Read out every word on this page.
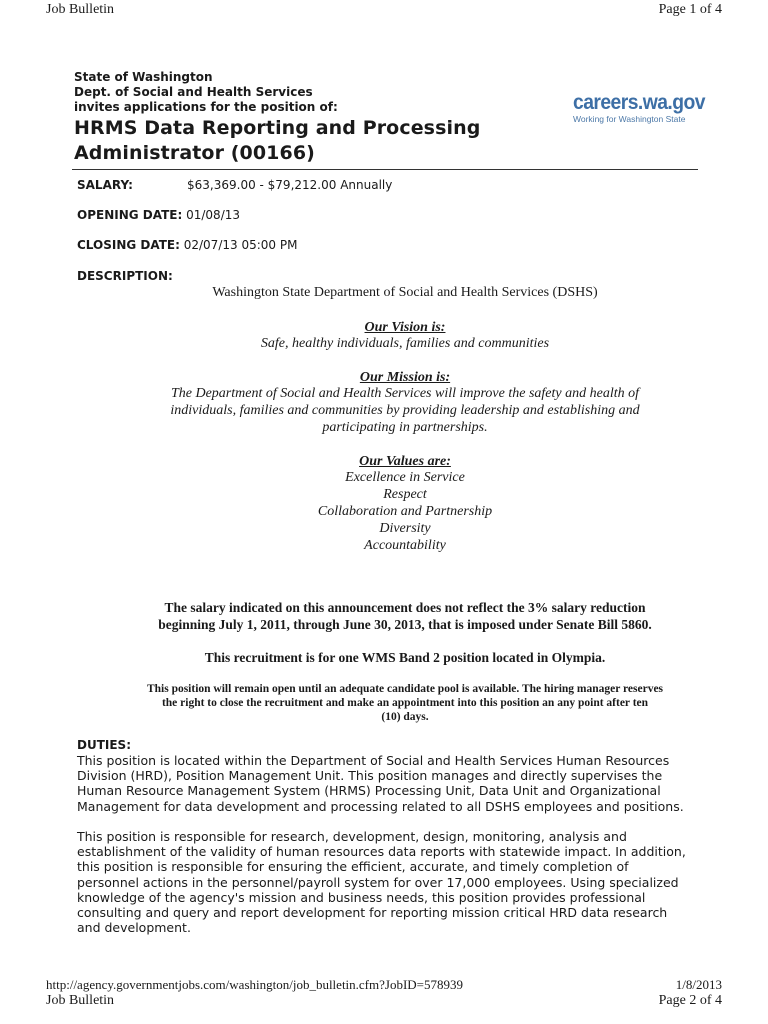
Job Bulletin	Page 1 of 4
State of Washington
Dept. of Social and Health Services
invites applications for the position of:
HRMS Data Reporting and Processing
Administrator (00166)
careers.wa.gov
Working for Washington State
SALARY:	$63,369.00 - $79,212.00 Annually
OPENING DATE: 01/08/13
CLOSING DATE: 02/07/13 05:00 PM
DESCRIPTION:
Washington State Department of Social and Health Services (DSHS)
Our Vision is:
Safe, healthy individuals, families and communities
Our Mission is:
The Department of Social and Health Services will improve the safety and health of
individuals, families and communities by providing leadership and establishing and
participating in partnerships.
Our Values are:
Excellence in Service
Respect
Collaboration and Partnership
Diversity
Accountability
The salary indicated on this announcement does not reflect the 3% salary reduction
beginning July 1, 2011, through June 30, 2013, that is imposed under Senate Bill 5860.
This recruitment is for one WMS Band 2 position located in Olympia.
This position will remain open until an adequate candidate pool is available. The hiring manager reserves
the right to close the recruitment and make an appointment into this position an any point after ten
(10) days.
DUTIES:
This position is located within the Department of Social and Health Services Human Resources
Division (HRD), Position Management Unit. This position manages and directly supervises the
Human Resource Management System (HRMS) Processing Unit, Data Unit and Organizational
Management for data development and processing related to all DSHS employees and positions.
This position is responsible for research, development, design, monitoring, analysis and
establishment of the validity of human resources data reports with statewide impact. In addition,
this position is responsible for ensuring the efficient, accurate, and timely completion of
personnel actions in the personnel/payroll system for over 17,000 employees. Using specialized
knowledge of the agency's mission and business needs, this position provides professional
consulting and query and report development for reporting mission critical HRD data research
and development.
http://agency.governmentjobs.com/washington/job_bulletin.cfm?JobID=578939	1/8/2013
Job Bulletin	Page 2 of 4
